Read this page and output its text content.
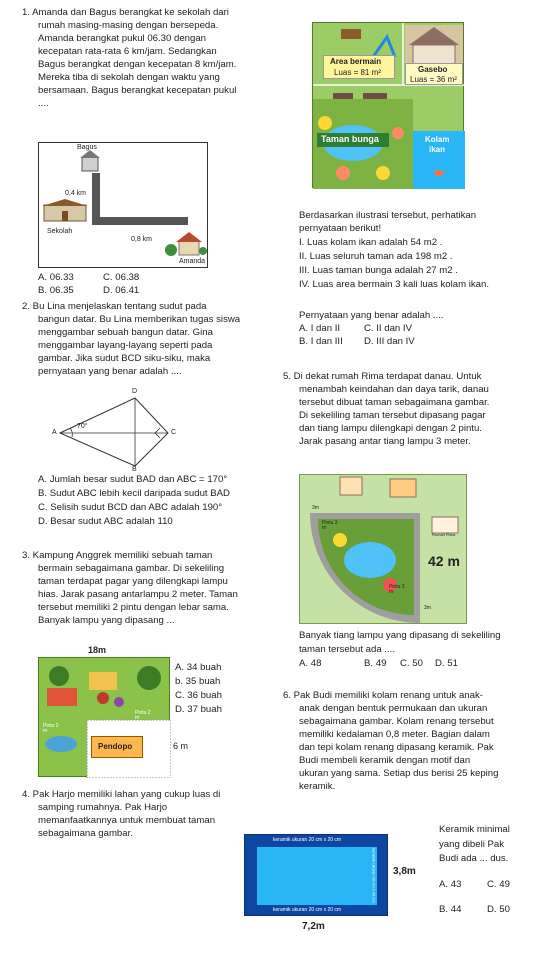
1. Amanda dan Bagus berangkat ke sekolah dari
rumah masing-masing dengan bersepeda.
Amanda berangkat pukul 06.30 dengan
kecepatan rata-rata 6 km/jam. Sedangkan
Bagus berangkat dengan kecepatan 8 km/jam.
Mereka tiba di sekolah dengan waktu yang
bersamaan. Bagus berangkat kecepatan pukul
....
Bagus
0,4 km
Sekolah
0,8 km
Amanda
A. 06.33	C. 06.38
B. 06.35	D. 06.41
2. Bu Lina menjelaskan tentang sudut pada
bangun datar. Bu Lina memberikan tugas siswa
menggambar sebuah bangun datar. Gina
menggambar layang-layang seperti pada
gambar. Jika sudut BCD siku-siku, maka
pernyataan yang benar adalah ....
D
A
70°
C
B
A. Jumlah besar sudut BAD dan ABC = 170°
B. Sudut ABC lebih kecil daripada sudut BAD
C. Selisih sudut BCD dan ABC adalah 190°
D. Besar sudut ABC adalah 110
3. Kampung Anggrek memiliki sebuah taman
bermain sebagaimana gambar. Di sekeliling
taman terdapat pagar yang dilengkapi lampu
hias. Jarak pasang antarlampu 2 meter. Taman
tersebut memiliki 2 pintu dengan lebar sama.
Banyak lampu yang dipasang ...
18m
Pendopo
Pintu 2 m
Pintu 2 m
6 m
A. 34 buah
b. 35 buah
C. 36 buah
D. 37 buah
4. Pak Harjo memiliki lahan yang cukup luas di
samping rumahnya. Pak Harjo
memanfaatkannya untuk membuat taman
sebagaimana gambar.
Area bermain
Luas = 81 m²	Gasebo
Luas = 36 m²
Taman bunga	Kolam
ikan
Berdasarkan ilustrasi tersebut, perhatikan
pernyataan berikut!
I. Luas kolam ikan adalah 54 m2 .
II. Luas seluruh taman ada 198 m2 .
III. Luas taman bunga adalah 27 m2 .
IV. Luas area bermain 3 kali luas kolam ikan.
Pernyataan yang benar adalah ....
A. I dan II C. II dan IV
B. I dan III D. III dan IV
5. Di dekat rumah Rima terdapat danau. Untuk
menambah keindahan dan daya tarik, danau
tersebut dibuat taman sebagaimana gambar.
Di sekeliling taman tersebut dipasang pagar
dan tiang lampu dilengkapi dengan 2 pintu.
Jarak pasang antar tiang lampu 3 meter.
42 m
Pintu 3 m
Pintu 3 m
Rumah Rima
3m
3m
Banyak tiang lampu yang dipasang di sekeliling
taman tersebut ada ....
A. 48	B. 49 C. 50 D. 51
6. Pak Budi memiliki kolam renang untuk anak-
anak dengan bentuk permukaan dan ukuran
sebagaimana gambar. Kolam renang tersebut
memiliki kedalaman 0,8 meter. Bagian dalam
dan tepi kolam renang dipasang keramik. Pak
Budi membeli keramik dengan motif dan
ukuran yang sama. Setiap dus berisi 25 keping
keramik.
keramik ukuran 20 cm x 20 cm
keramik ukuran 20 cm x 20 cm
keramik ukuran 20 cm x 20 cm	keramik ukuran 20 cm x 20 cm 3,8m
7,2m
Keramik minimal
yang dibeli Pak
Budi ada ... dus.
A. 43	C. 49
B. 44	D. 50
